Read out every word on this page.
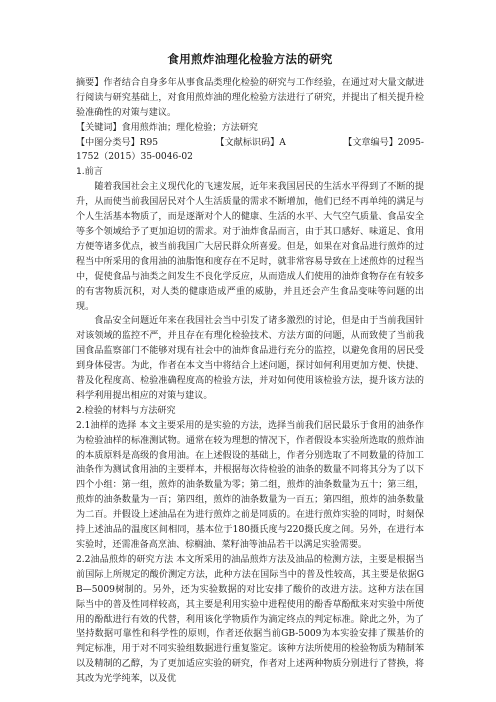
食用煎炸油理化检验方法的研究

摘要】作者结合自身多年从事食品类理化检验的研究与工作经验，在通过对大量文献进行阅读与研究基础上，对食用煎炸油的理化检验方法进行了研究，并提出了相关提升检验准确性的对策与建议。

【关键词】食用煎炸油；理化检验；方法研究

【中图分类号】R95	【文献标识码】A	【文章编号】2095-

1752（2015）35-0046-02

1.前言

随着我国社会主义现代化的飞速发展，近年来我国居民的生活水平得到了不断的提升，从而使当前我国居民对个人生活质量的需求不断增加，他们已经不再单纯的满足与个人生活基本物质了，而是逐渐对个人的健康、生活的水平、大气空气质量、食品安全等多个领域给予了更加迫切的需求。对于油炸食品而言，由于其口感好、味道足、食用方便等诸多优点，被当前我国广大居民群众所喜爱。但是，如果在对食品进行煎炸的过程当中所采用的食用油的油脂饱和度存在不足时，就非常容易导致在上述煎炸的过程当中，促使食品与油类之间发生不良化学反应，从而造成人们使用的油炸食物存在有较多的有害物质沉积，对人类的健康造成严重的威胁，并且还会产生食品变味等问题的出现。

食品安全问题近年来在我国社会当中引发了诸多激烈的讨论，但是由于当前我国针对该领域的监控不严，并且存在有理化检验技术、方法方面的问题，从而致使了当前我国食品监察部门不能够对现有社会中的油炸食品进行充分的监控，以避免食用的居民受到身体侵害。为此，作者在本文当中将结合上述问题，探讨如何利用更加方便、快捷、普及化程度高、检验准确程度高的检验方法，并对如何使用该检验方法，提升该方法的科学利用提出相应的对策与建议。

2.检验的材料与方法研究

2.1油样的选择 本文主要采用的是实验的方法，选择当前我们居民最乐于食用的油条作为检验油样的标准测试物。通常在较为理想的情况下，作者假设本实验所选取的煎炸油的本质原料是高级的食用油。在上述假设的基础上，作者分别选取了不同数量的待加工油条作为测试食用油的主要样本，并根据每次待检验的油条的数量不同将其分为了以下四个小组：第一组，煎炸的油条数量为零；第二组，煎炸的油条数量为五十；第三组，煎炸的油条数量为一百；第四组，煎炸的油条数量为一百五；第四组，煎炸的油条数量为二百。并假设上述油品在为进行煎炸之前是同质的。在进行煎炸实验的同时，时刻保持上述油品的温度区间相同，基本位于180摄氏度与220摄氏度之间。另外，在进行本实验时，还需准备高烹油、棕榈油、菜籽油等油品若干以满足实验需要。

2.2油品煎炸的研究方法 本文所采用的油品煎炸方法及油品的检测方法，主要是根据当前国际上所规定的酸价测定方法，此种方法在国际当中的普及性较高，其主要是依据GB—5009树制的。另外，还为实验数据的对比安排了酸价的改进方法。这种方法在国际当中的普及性同样较高，其主要是利用实验中进程使用的酚香草酚酞来对实验中所使用的酚酞进行有效的代替，利用该化学物质作为滴定终点的判定标准。除此之外，为了坚持数据可靠性和科学性的原则，作者还依据当前GB-5009为本实验安排了羰基价的判定标准，用于对不同实验组数据进行重复鉴定。该种方法所使用的检验物质为精制苯以及精制的乙醇，为了更加适应实验的研究，作者对上述两种物质分别进行了替换，将其改为光学纯苯，以及优
